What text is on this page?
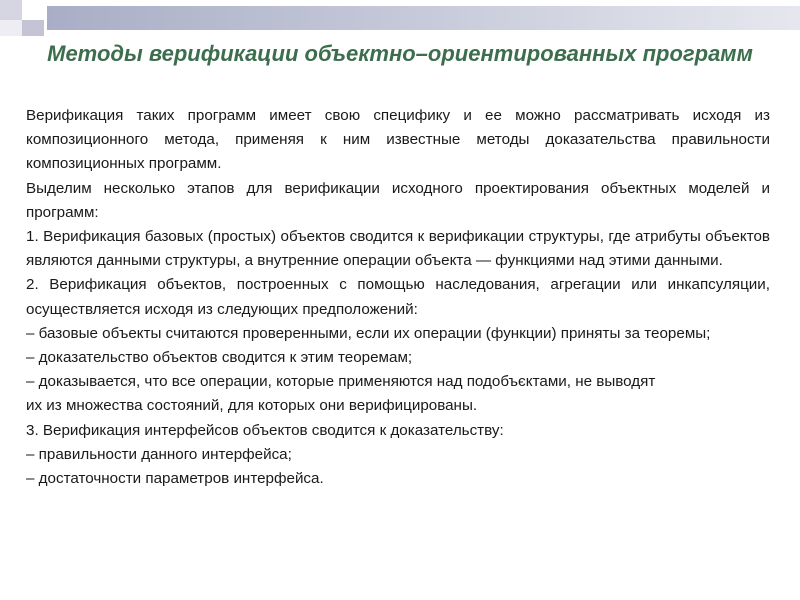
Методы верификации объектно–ориентированных программ

Верификация таких программ имеет свою специфику и ее можно рассматривать исходя из композиционного метода, применяя к ним известные методы доказательства правильности композиционных программ.

Выделим несколько этапов для верификации исходного проектирования объектных моделей и программ:

1. Верификация базовых (простых) объектов сводится к верификации структуры, где атрибуты объектов являются данными структуры, а внутренние операции объекта — функциями над этими данными.

2. Верификация объектов, построенных с помощью наследования, агрегации или инкапсуляции, осуществляется исходя из следующих предположений:

– базовые объекты считаются проверенными, если их операции (функции) приняты за теоремы;

– доказательство объектов сводится к этим теоремам;

– доказывается, что все операции, которые применяются над подобъєктами, не выводят

их из множества состояний, для которых они верифицированы.

3. Верификация интерфейсов объектов сводится к доказательству:

– правильности данного интерфейса;

– достаточности параметров интерфейса.
